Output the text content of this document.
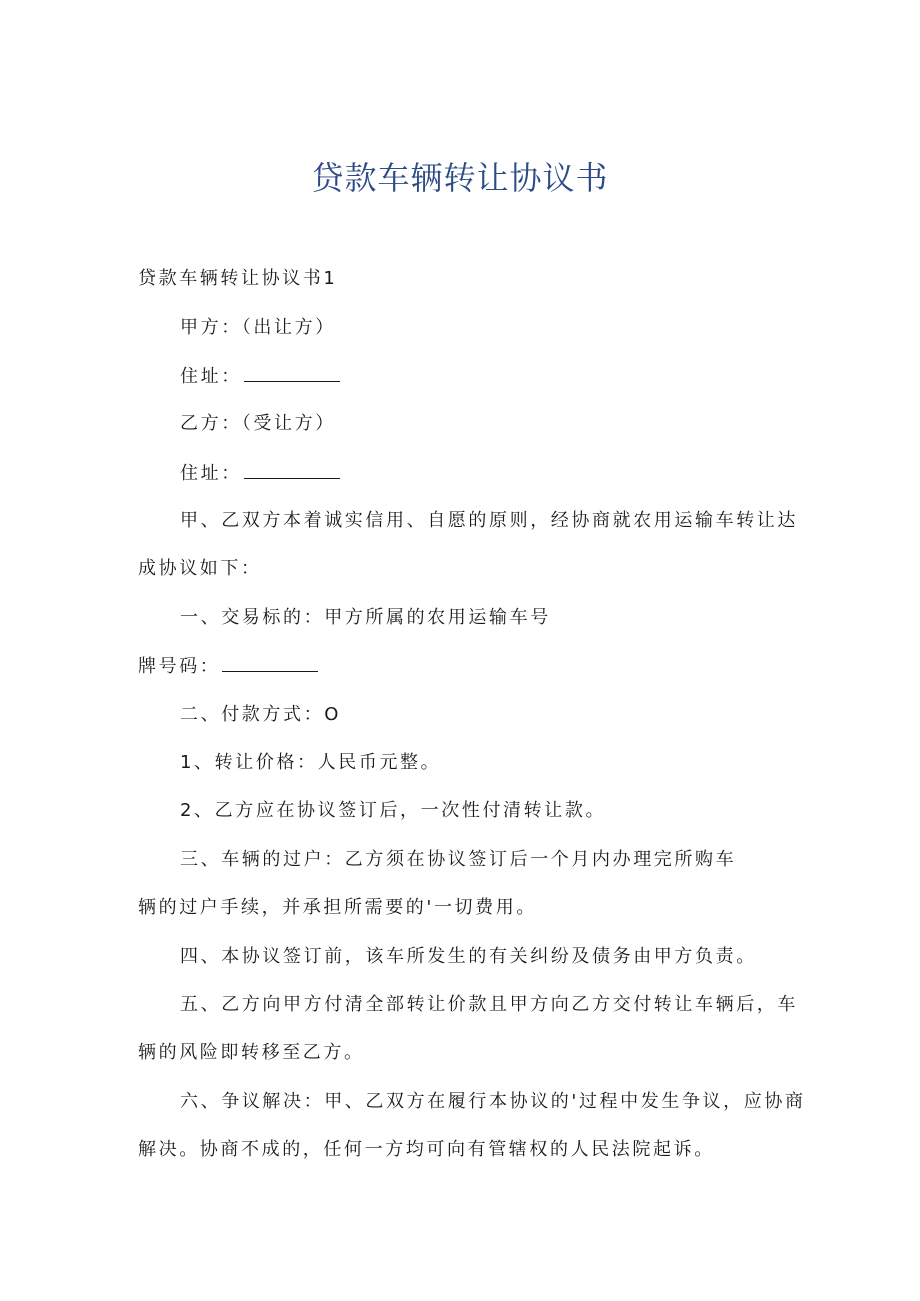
贷款车辆转让协议书
贷款车辆转让协议书1
甲方：（出让方）
住址：
乙方：（受让方）
住址：
甲、乙双方本着诚实信用、自愿的原则，经协商就农用运输车转让达
成协议如下：
一、交易标的：甲方所属的农用运输车号
牌号码：
二、付款方式：O
1、转让价格：人民币元整。
2、乙方应在协议签订后，一次性付清转让款。
三、车辆的过户：乙方须在协议签订后一个月内办理完所购车
辆的过户手续，并承担所需要的'一切费用。
四、本协议签订前，该车所发生的有关纠纷及债务由甲方负责。
五、乙方向甲方付清全部转让价款且甲方向乙方交付转让车辆后，车
辆的风险即转移至乙方。
六、争议解决：甲、乙双方在履行本协议的'过程中发生争议，应协商
解决。协商不成的，任何一方均可向有管辖权的人民法院起诉。
